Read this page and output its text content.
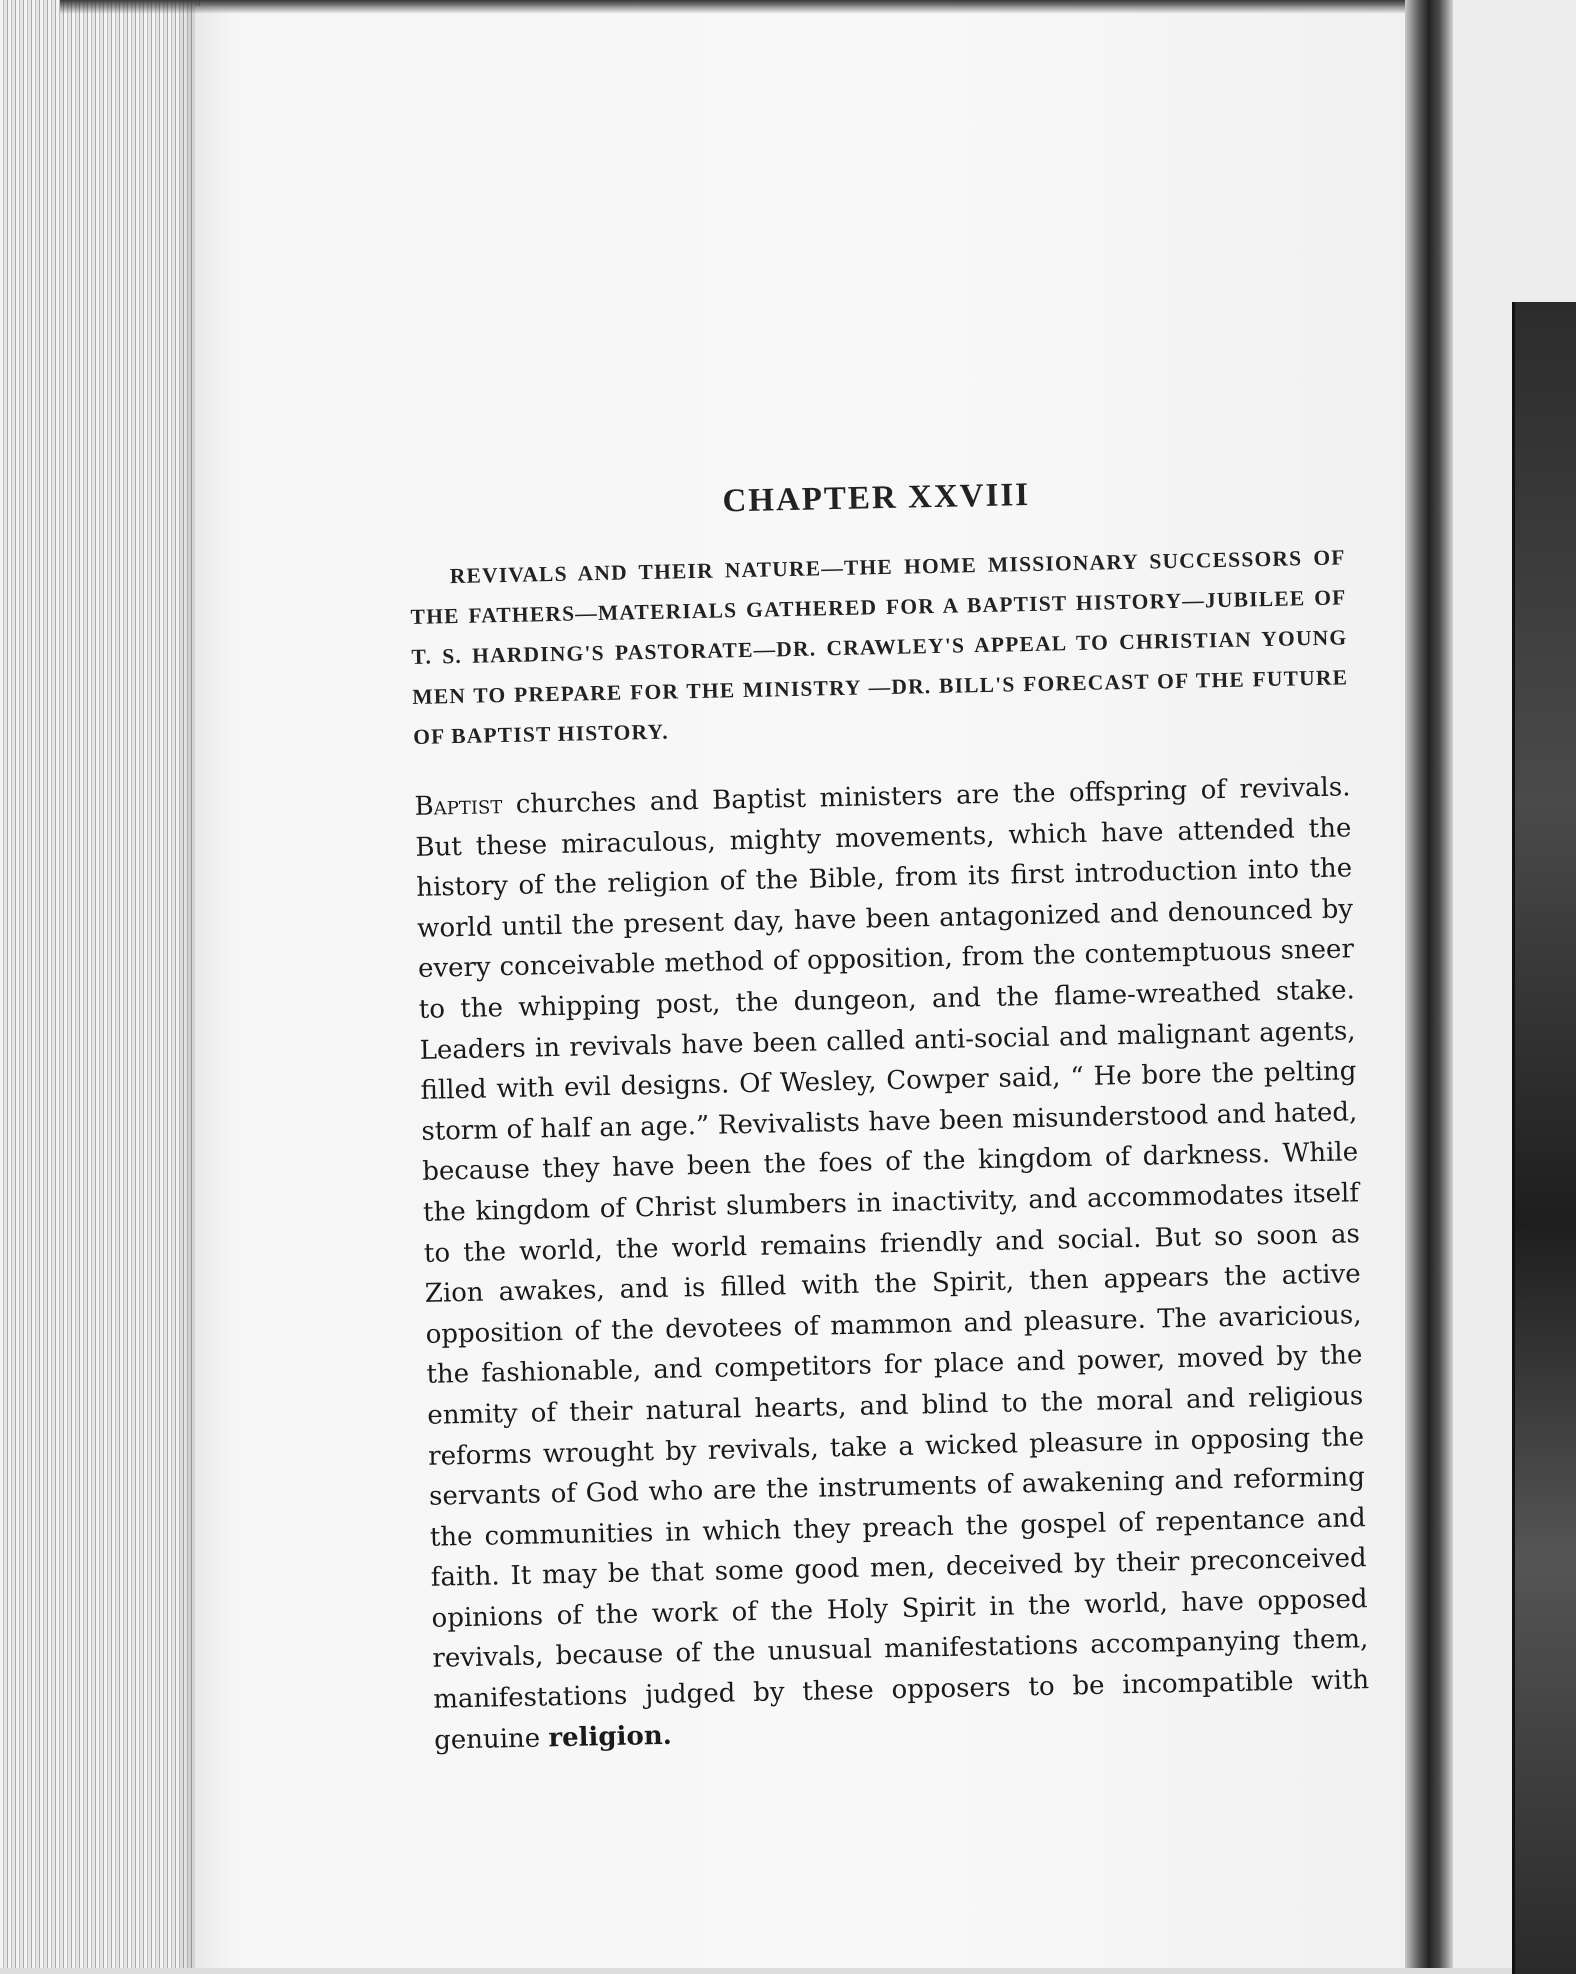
CHAPTER XXVIII

REVIVALS AND THEIR NATURE—THE HOME MISSIONARY SUCCESSORS OF THE FATHERS—MATERIALS GATHERED FOR A BAPTIST HISTORY—JUBILEE OF T. S. HARDING'S PASTORATE—DR. CRAWLEY'S APPEAL TO CHRISTIAN YOUNG MEN TO PREPARE FOR THE MINISTRY —DR. BILL'S FORECAST OF THE FUTURE OF BAPTIST HISTORY.

Baptist churches and Baptist ministers are the offspring of revivals. But these miraculous, mighty movements, which have attended the history of the religion of the Bible, from its first introduction into the world until the present day, have been antagonized and denounced by every conceivable method of opposition, from the contemptuous sneer to the whipping post, the dungeon, and the flame-wreathed stake. Leaders in revivals have been called anti-social and malignant agents, filled with evil designs. Of Wesley, Cowper said, “ He bore the pelting storm of half an age.” Revivalists have been misunderstood and hated, because they have been the foes of the kingdom of darkness. While the kingdom of Christ slumbers in inactivity, and accommodates itself to the world, the world remains friendly and social. But so soon as Zion awakes, and is filled with the Spirit, then appears the active opposition of the devotees of mammon and pleasure. The avaricious, the fashionable, and competitors for place and power, moved by the enmity of their natural hearts, and blind to the moral and religious reforms wrought by revivals, take a wicked pleasure in opposing the servants of God who are the instruments of awakening and reforming the communities in which they preach the gospel of repentance and faith. It may be that some good men, deceived by their preconceived opinions of the work of the Holy Spirit in the world, have opposed revivals, because of the unusual manifestations accompanying them, manifestations judged by these opposers to be incompatible with genuine religion.
